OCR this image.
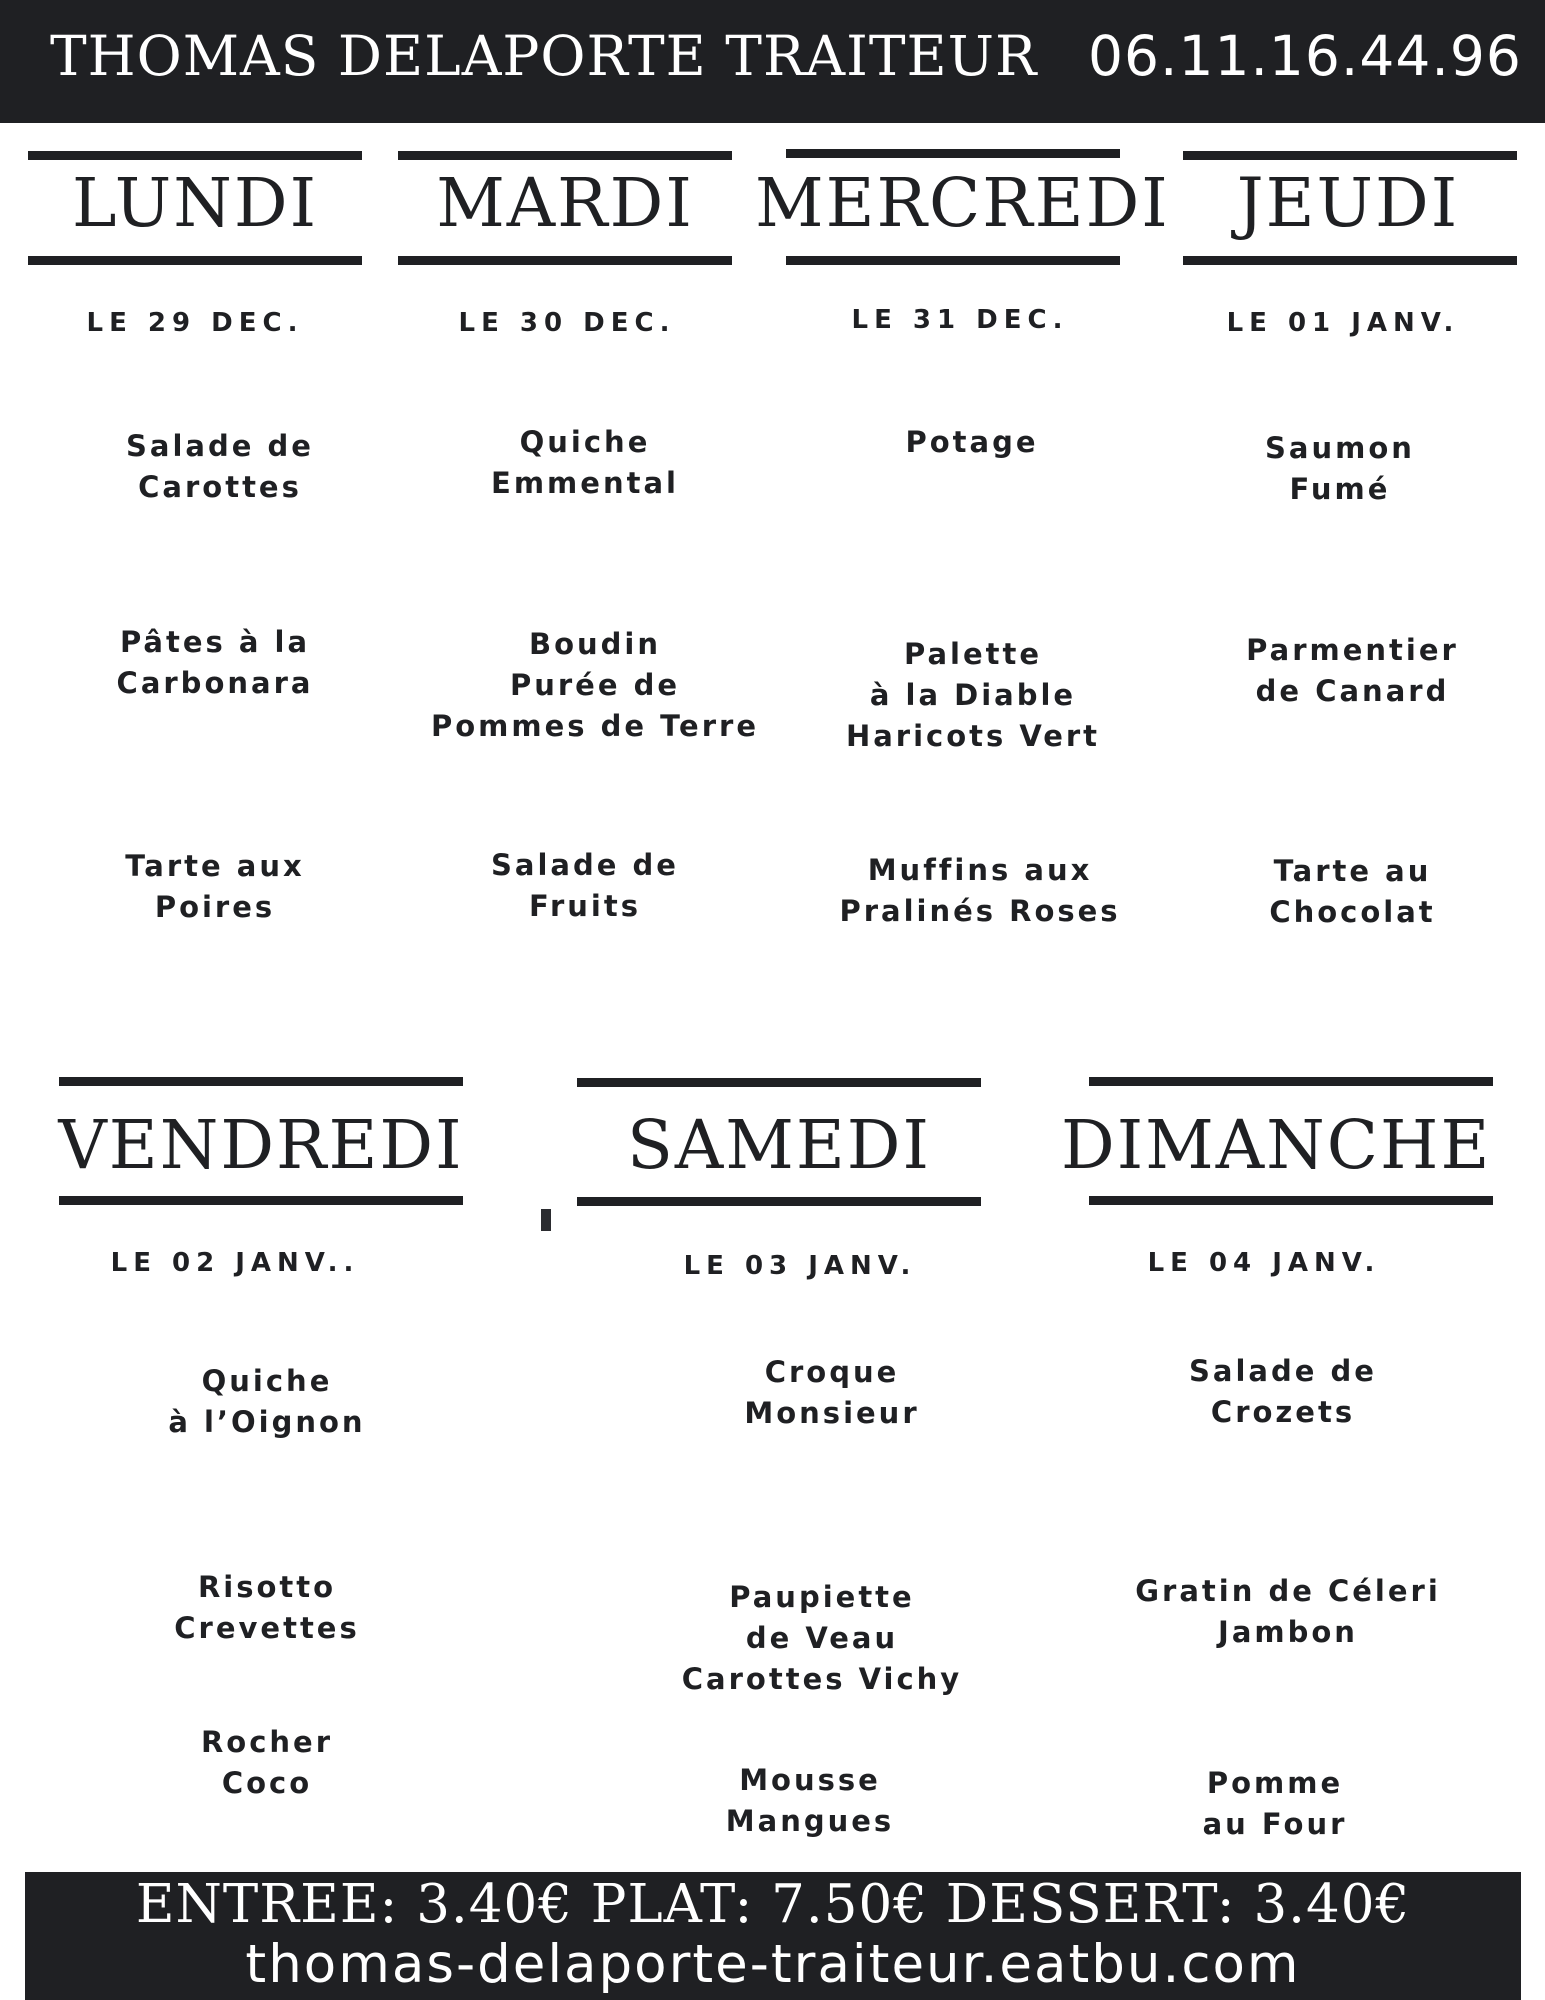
THOMAS DELAPORTE TRAITEUR 06.11.16.44.96
LUNDI
LE 29 DEC.
Salade de
Carottes
Pâtes à la
Carbonara
Tarte aux
Poires
MARDI
LE 30 DEC.
Quiche
Emmental
Boudin
Purée de
Pommes de Terre
Salade de
Fruits
MERCREDI
LE 31 DEC.
Potage
Palette
à la Diable
Haricots Vert
Muffins aux
Pralinés Roses
JEUDI
LE 01 JANV.
Saumon
Fumé
Parmentier
de Canard
Tarte au
Chocolat
VENDREDI
LE 02 JANV..
Quiche
à l’Oignon
Risotto
Crevettes
Rocher
Coco
SAMEDI
LE 03 JANV.
Croque
Monsieur
Paupiette
de Veau
Carottes Vichy
Mousse
Mangues
DIMANCHE
LE 04 JANV.
Salade de
Crozets
Gratin de Céleri
Jambon
Pomme
au Four
ENTREE: 3.40€ PLAT: 7.50€ DESSERT: 3.40€
thomas-delaporte-traiteur.eatbu.com
